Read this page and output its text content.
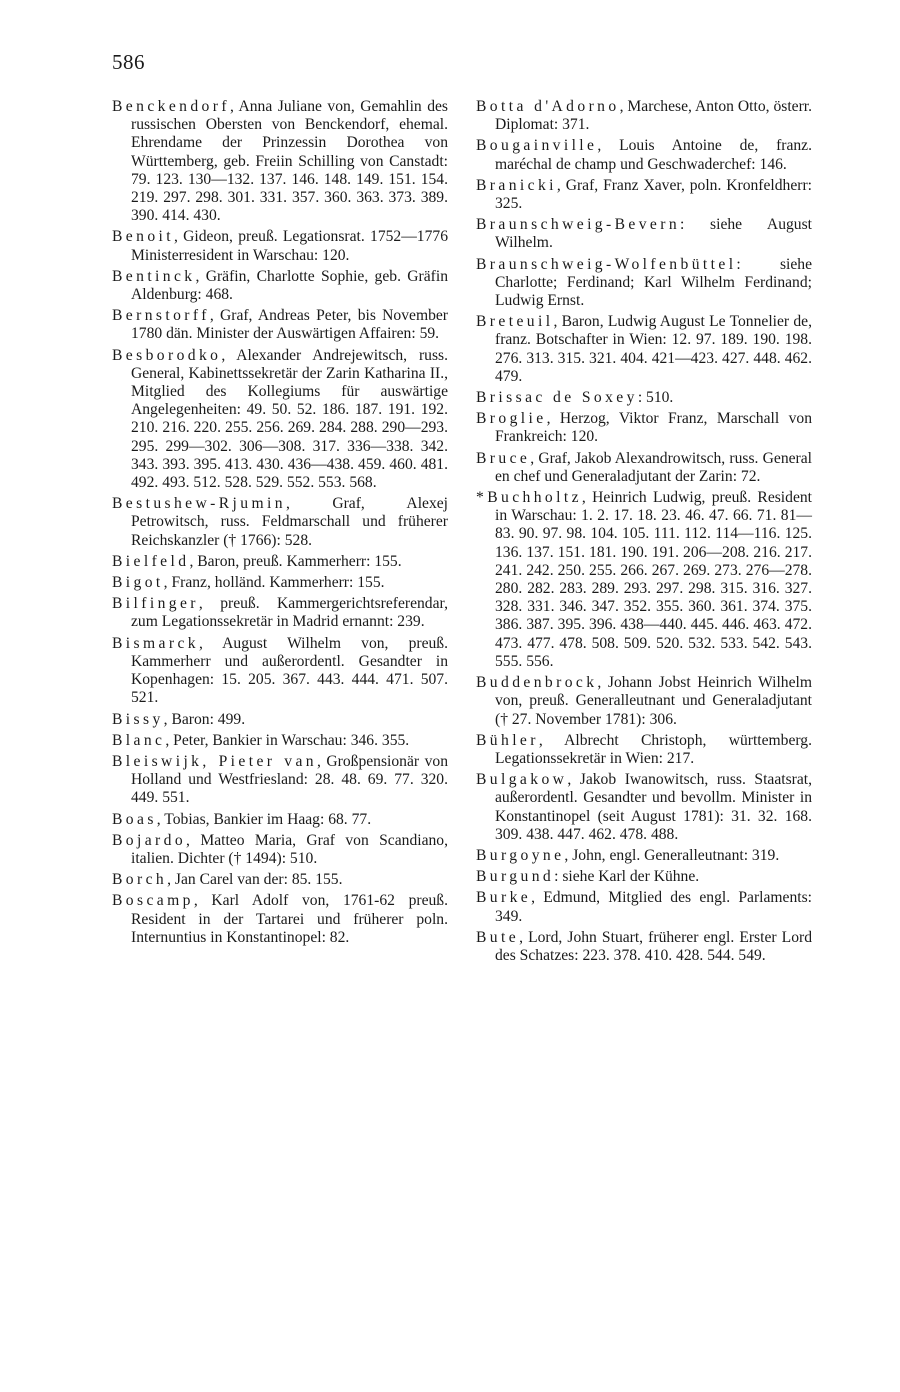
586
Benckendorf, Anna Juliane von, Gemahlin des russischen Obersten von Benckendorf, ehemal. Ehrendame der Prinzessin Dorothea von Württemberg, geb. Freiin Schilling von Canstadt: 79. 123. 130—132. 137. 146. 148. 149. 151. 154. 219. 297. 298. 301. 331. 357. 360. 363. 373. 389. 390. 414. 430.
Benoit, Gideon, preuß. Legationsrat. 1752—1776 Ministerresident in Warschau: 120.
Bentinck, Gräfin, Charlotte Sophie, geb. Gräfin Aldenburg: 468.
Bernstorff, Graf, Andreas Peter, bis November 1780 dän. Minister der Auswärtigen Affairen: 59.
Besborodko, Alexander Andrejewitsch, russ. General, Kabinettssekretär der Zarin Katharina II., Mitglied des Kollegiums für auswärtige Angelegenheiten: 49. 50. 52. 186. 187. 191. 192. 210. 216. 220. 255. 256. 269. 284. 288. 290—293. 295. 299—302. 306—308. 317. 336—338. 342. 343. 393. 395. 413. 430. 436—438. 459. 460. 481. 492. 493. 512. 528. 529. 552. 553. 568.
Bestushew-Rjumin, Graf, Alexej Petrowitsch, russ. Feldmarschall und früherer Reichskanzler († 1766): 528.
Bielfeld, Baron, preuß. Kammerherr: 155.
Bigot, Franz, holländ. Kammerherr: 155.
Bilfinger, preuß. Kammergerichtsreferendar, zum Legationssekretär in Madrid ernannt: 239.
Bismarck, August Wilhelm von, preuß. Kammerherr und außerordentl. Gesandter in Kopenhagen: 15. 205. 367. 443. 444. 471. 507. 521.
Bissy, Baron: 499.
Blanc, Peter, Bankier in Warschau: 346. 355.
Bleiswijk, Pieter van, Großpensionär von Holland und Westfriesland: 28. 48. 69. 77. 320. 449. 551.
Boas, Tobias, Bankier im Haag: 68. 77.
Bojardo, Matteo Maria, Graf von Scandiano, italien. Dichter († 1494): 510.
Borch, Jan Carel van der: 85. 155.
Boscamp, Karl Adolf von, 1761-62 preuß. Resident in der Tartarei und früherer poln. Internuntius in Konstantinopel: 82.
Botta d'Adorno, Marchese, Anton Otto, österr. Diplomat: 371.
Bougainville, Louis Antoine de, franz. maréchal de champ und Geschwaderchef: 146.
Branicki, Graf, Franz Xaver, poln. Kronfeldherr: 325.
Braunschweig-Bevern: siehe August Wilhelm.
Braunschweig-Wolfenbüttel: siehe Charlotte; Ferdinand; Karl Wilhelm Ferdinand; Ludwig Ernst.
Breteuil, Baron, Ludwig August Le Tonnelier de, franz. Botschafter in Wien: 12. 97. 189. 190. 198. 276. 313. 315. 321. 404. 421—423. 427. 448. 462. 479.
Brissac de Soxey: 510.
Broglie, Herzog, Viktor Franz, Marschall von Frankreich: 120.
Bruce, Graf, Jakob Alexandrowitsch, russ. General en chef und Generaladjutant der Zarin: 72.
*Buchholtz, Heinrich Ludwig, preuß. Resident in Warschau: 1. 2. 17. 18. 23. 46. 47. 66. 71. 81—83. 90. 97. 98. 104. 105. 111. 112. 114—116. 125. 136. 137. 151. 181. 190. 191. 206—208. 216. 217. 241. 242. 250. 255. 266. 267. 269. 273. 276—278. 280. 282. 283. 289. 293. 297. 298. 315. 316. 327. 328. 331. 346. 347. 352. 355. 360. 361. 374. 375. 386. 387. 395. 396. 438—440. 445. 446. 463. 472. 473. 477. 478. 508. 509. 520. 532. 533. 542. 543. 555. 556.
Buddenbrock, Johann Jobst Heinrich Wilhelm von, preuß. Generalleutnant und Generaladjutant († 27. November 1781): 306.
Bühler, Albrecht Christoph, württemberg. Legationssekretär in Wien: 217.
Bulgakow, Jakob Iwanowitsch, russ. Staatsrat, außerordentl. Gesandter und bevollm. Minister in Konstantinopel (seit August 1781): 31. 32. 168. 309. 438. 447. 462. 478. 488.
Burgoyne, John, engl. Generalleutnant: 319.
Burgund: siehe Karl der Kühne.
Burke, Edmund, Mitglied des engl. Parlaments: 349.
Bute, Lord, John Stuart, früherer engl. Erster Lord des Schatzes: 223. 378. 410. 428. 544. 549.
